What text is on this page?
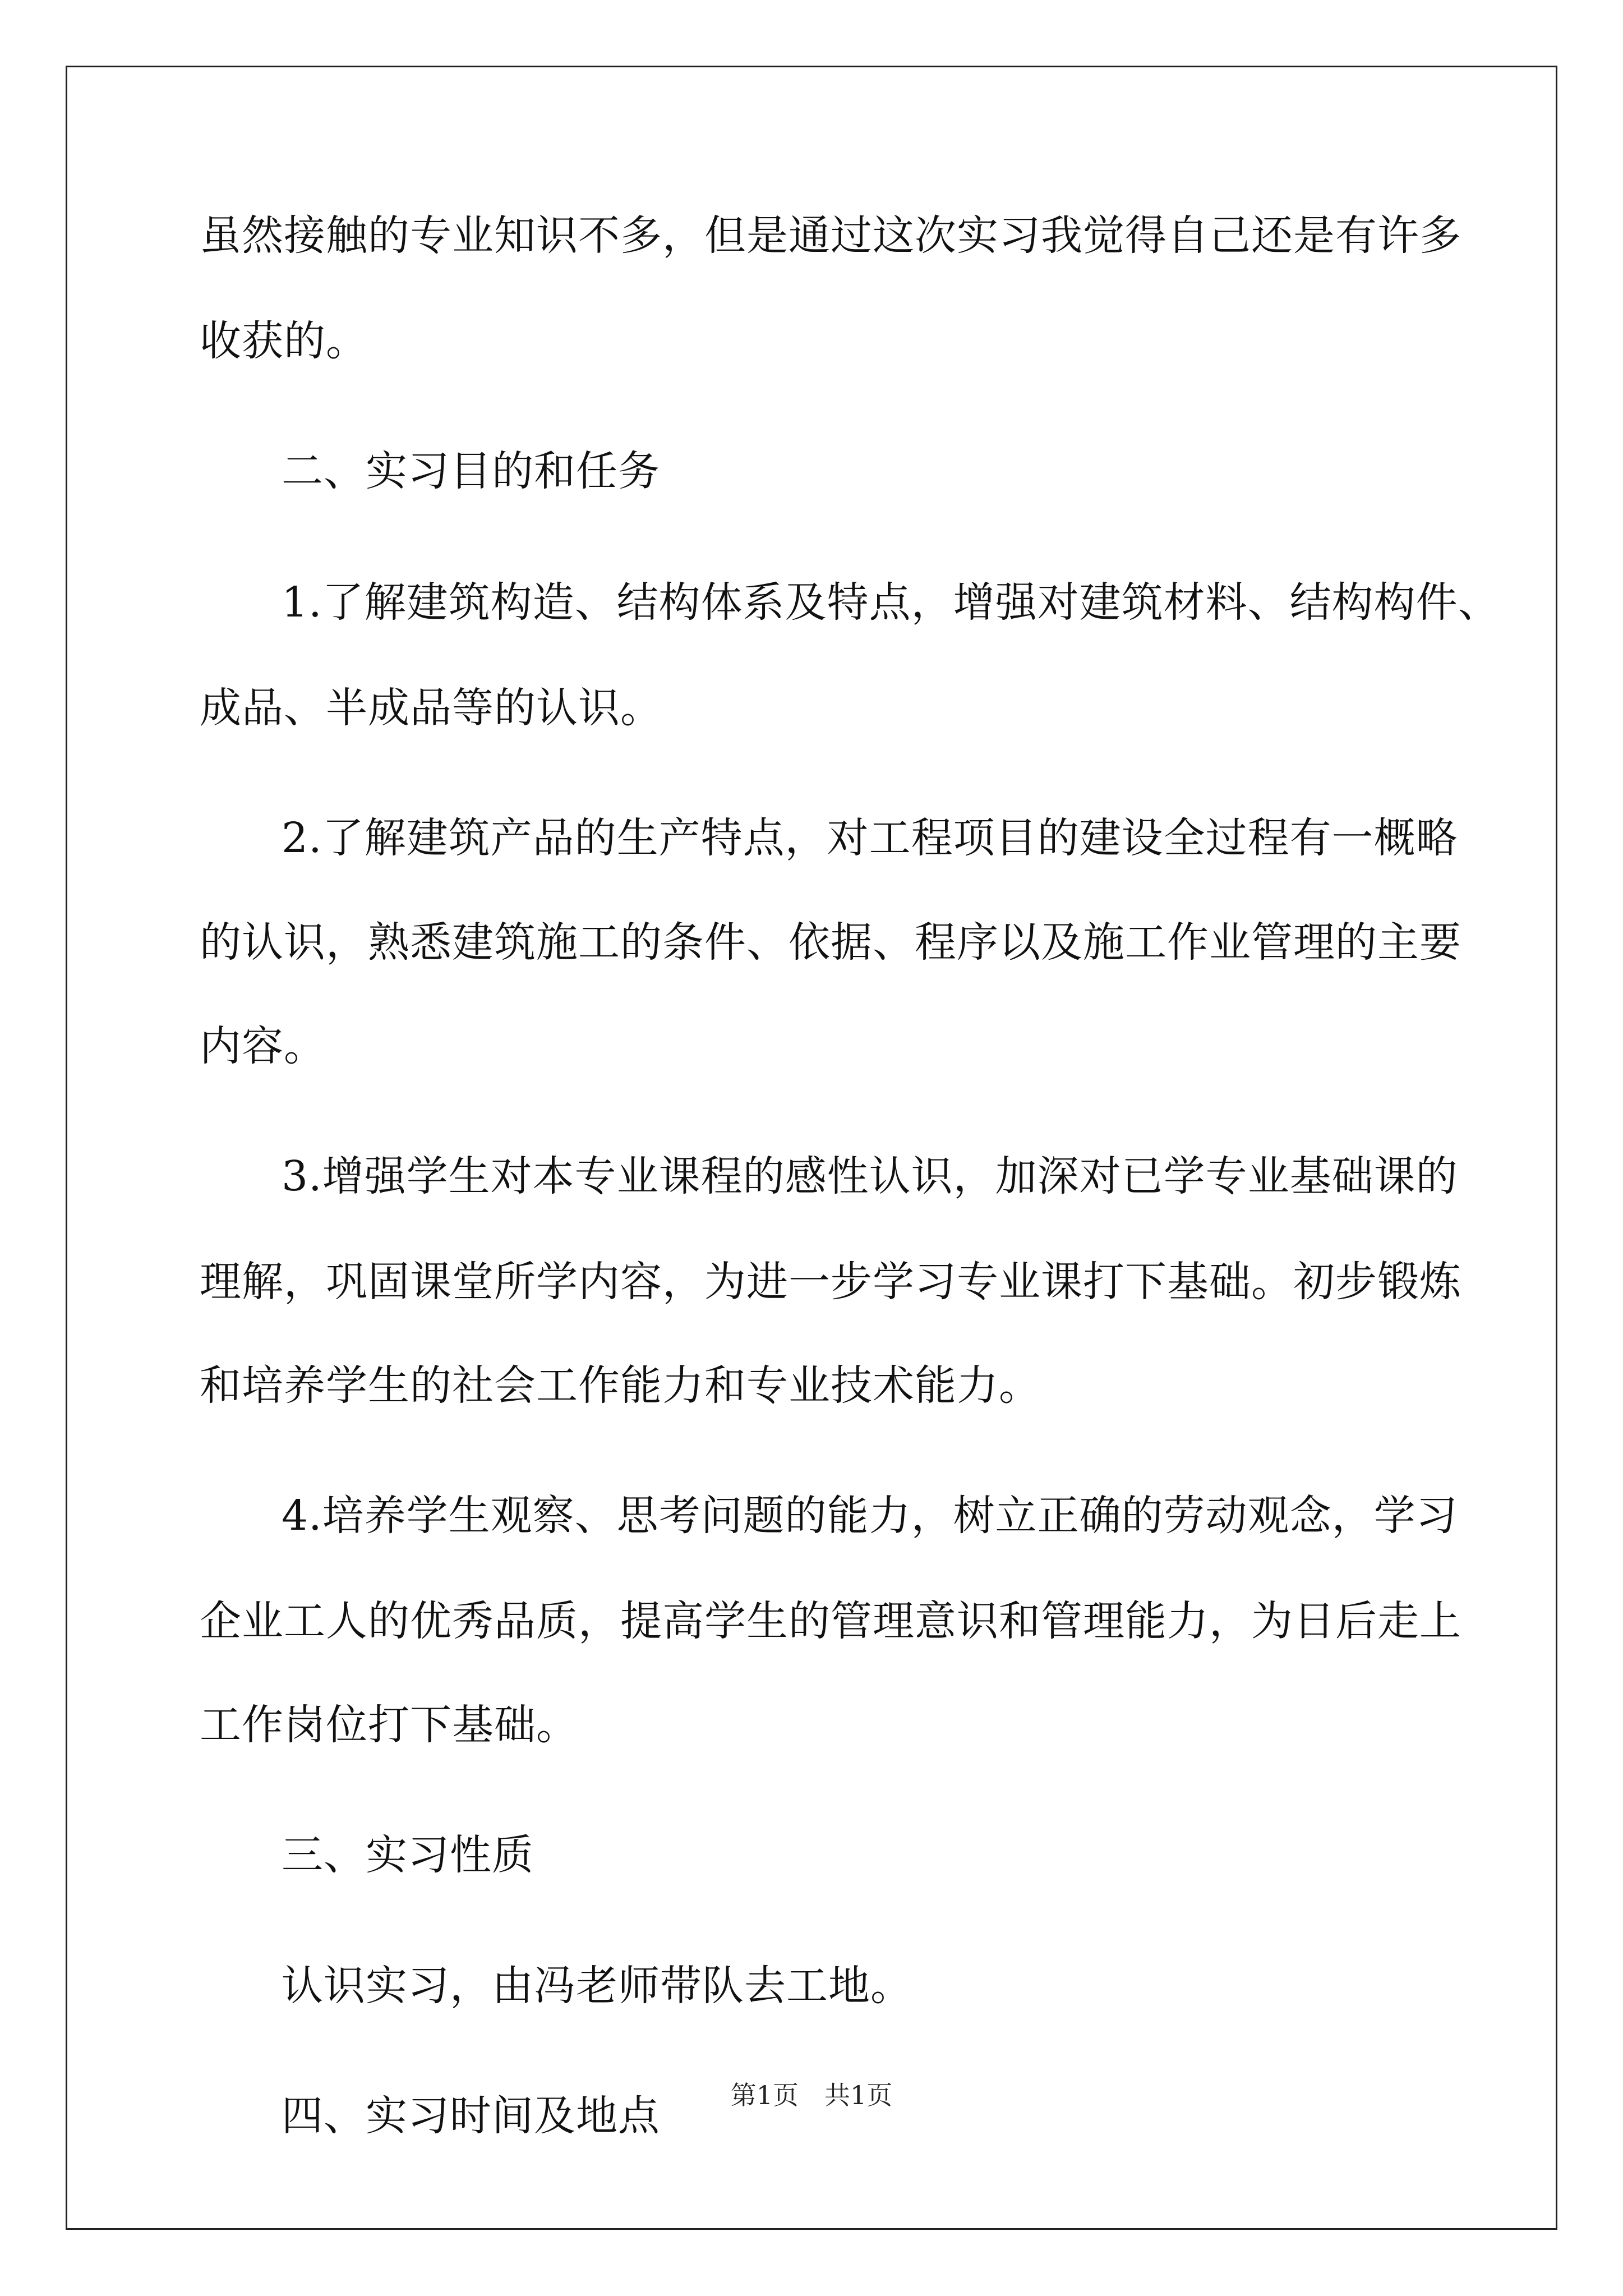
虽然接触的专业知识不多，但是通过这次实习我觉得自己还是有许多
收获的。
二、实习目的和任务
1.了解建筑构造、结构体系及特点，增强对建筑材料、结构构件、
成品、半成品等的认识。
2.了解建筑产品的生产特点，对工程项目的建设全过程有一概略
的认识，熟悉建筑施工的条件、依据、程序以及施工作业管理的主要
内容。
3.增强学生对本专业课程的感性认识，加深对已学专业基础课的
理解，巩固课堂所学内容，为进一步学习专业课打下基础。初步锻炼
和培养学生的社会工作能力和专业技术能力。
4.培养学生观察、思考问题的能力，树立正确的劳动观念，学习
企业工人的优秀品质，提高学生的管理意识和管理能力，为日后走上
工作岗位打下基础。
三、实习性质
认识实习，由冯老师带队去工地。
四、实习时间及地点	第1页　共1页
